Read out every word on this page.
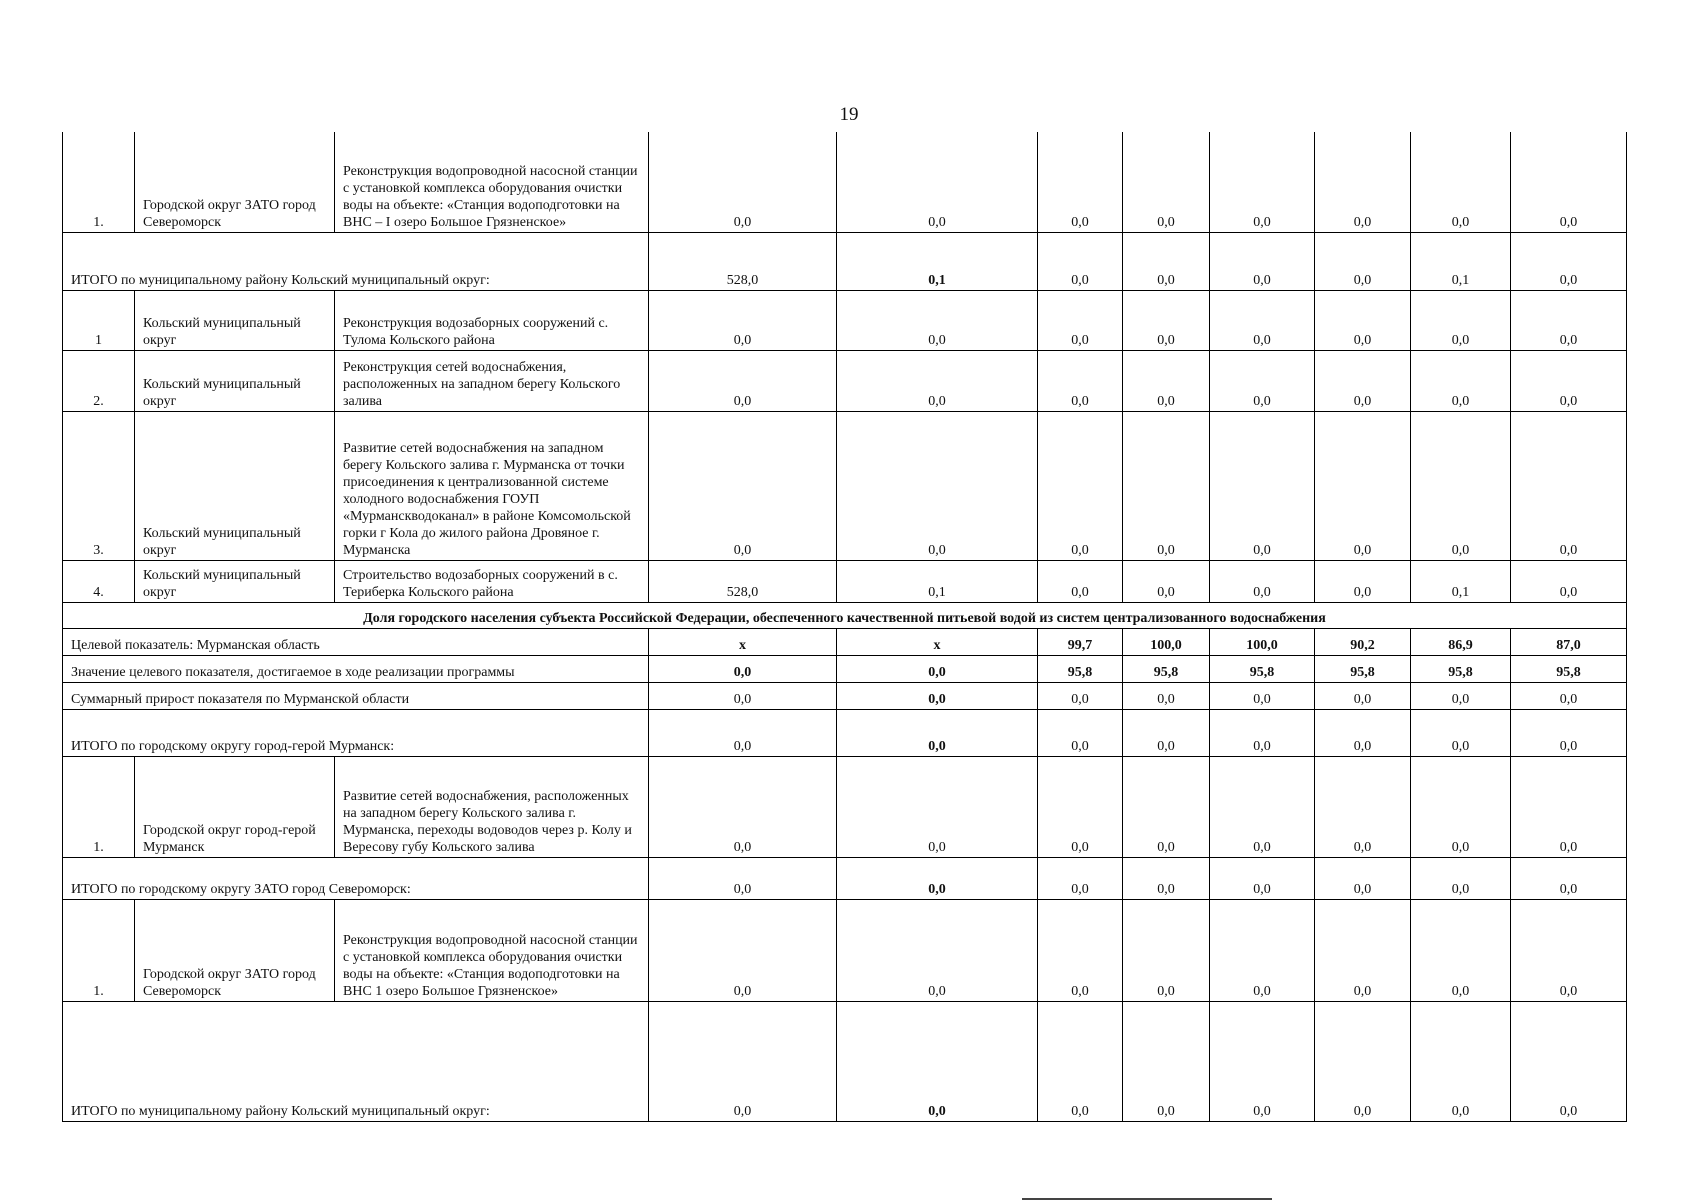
19
1.	Городской округ ЗАТО город Североморск	Реконструкция водопроводной насосной станции с установкой комплекса оборудования очистки воды на объекте: «Станция водоподготовки на ВНС – I озеро Большое Грязненское»	0,0	0,0	0,0	0,0	0,0	0,0	0,0	0,0
ИТОГО по муниципальному району Кольский муниципальный округ:			528,0	0,1	0,0	0,0	0,0	0,0	0,1	0,0
1	Кольский муниципальный округ	Реконструкция водозаборных сооружений с. Тулома Кольского района	0,0	0,0	0,0	0,0	0,0	0,0	0,0	0,0
2.	Кольский муниципальный округ	Реконструкция сетей водоснабжения, расположенных на западном берегу Кольского залива	0,0	0,0	0,0	0,0	0,0	0,0	0,0	0,0
3.	Кольский муниципальный округ	Развитие сетей водоснабжения на западном берегу Кольского залива г. Мурманска от точки присоединения к централизованной системе холодного водоснабжения ГОУП «Мурманскводоканал» в районе Комсомольской горки г Кола до жилого района Дровяное г. Мурманска	0,0	0,0	0,0	0,0	0,0	0,0	0,0	0,0
4.	Кольский муниципальный округ	Строительство водозаборных сооружений в с. Териберка Кольского района	528,0	0,1	0,0	0,0	0,0	0,0	0,1	0,0
Доля городского населения субъекта Российской Федерации, обеспеченного качественной питьевой водой из систем централизованного водоснабжения										
Целевой показатель: Мурманская область			x	x	99,7	100,0	100,0	90,2	86,9	87,0
Значение целевого показателя, достигаемое в ходе реализации программы			0,0	0,0	95,8	95,8	95,8	95,8	95,8	95,8
Суммарный прирост показателя по Мурманской области			0,0	0,0	0,0	0,0	0,0	0,0	0,0	0,0
ИТОГО по городскому округу город-герой Мурманск:			0,0	0,0	0,0	0,0	0,0	0,0	0,0	0,0
1.	Городской округ город-герой Мурманск	Развитие сетей водоснабжения, расположенных на западном берегу Кольского залива г. Мурманска, переходы водоводов через р. Колу и Вересову губу Кольского залива	0,0	0,0	0,0	0,0	0,0	0,0	0,0	0,0
ИТОГО по городскому округу ЗАТО город Североморск:			0,0	0,0	0,0	0,0	0,0	0,0	0,0	0,0
1.	Городской округ ЗАТО город Североморск	Реконструкция водопроводной насосной станции с установкой комплекса оборудования очистки воды на объекте: «Станция водоподготовки на ВНС 1 озеро Большое Грязненское»	0,0	0,0	0,0	0,0	0,0	0,0	0,0	0,0
ИТОГО по муниципальному району Кольский муниципальный округ:			0,0	0,0	0,0	0,0	0,0	0,0	0,0	0,0
